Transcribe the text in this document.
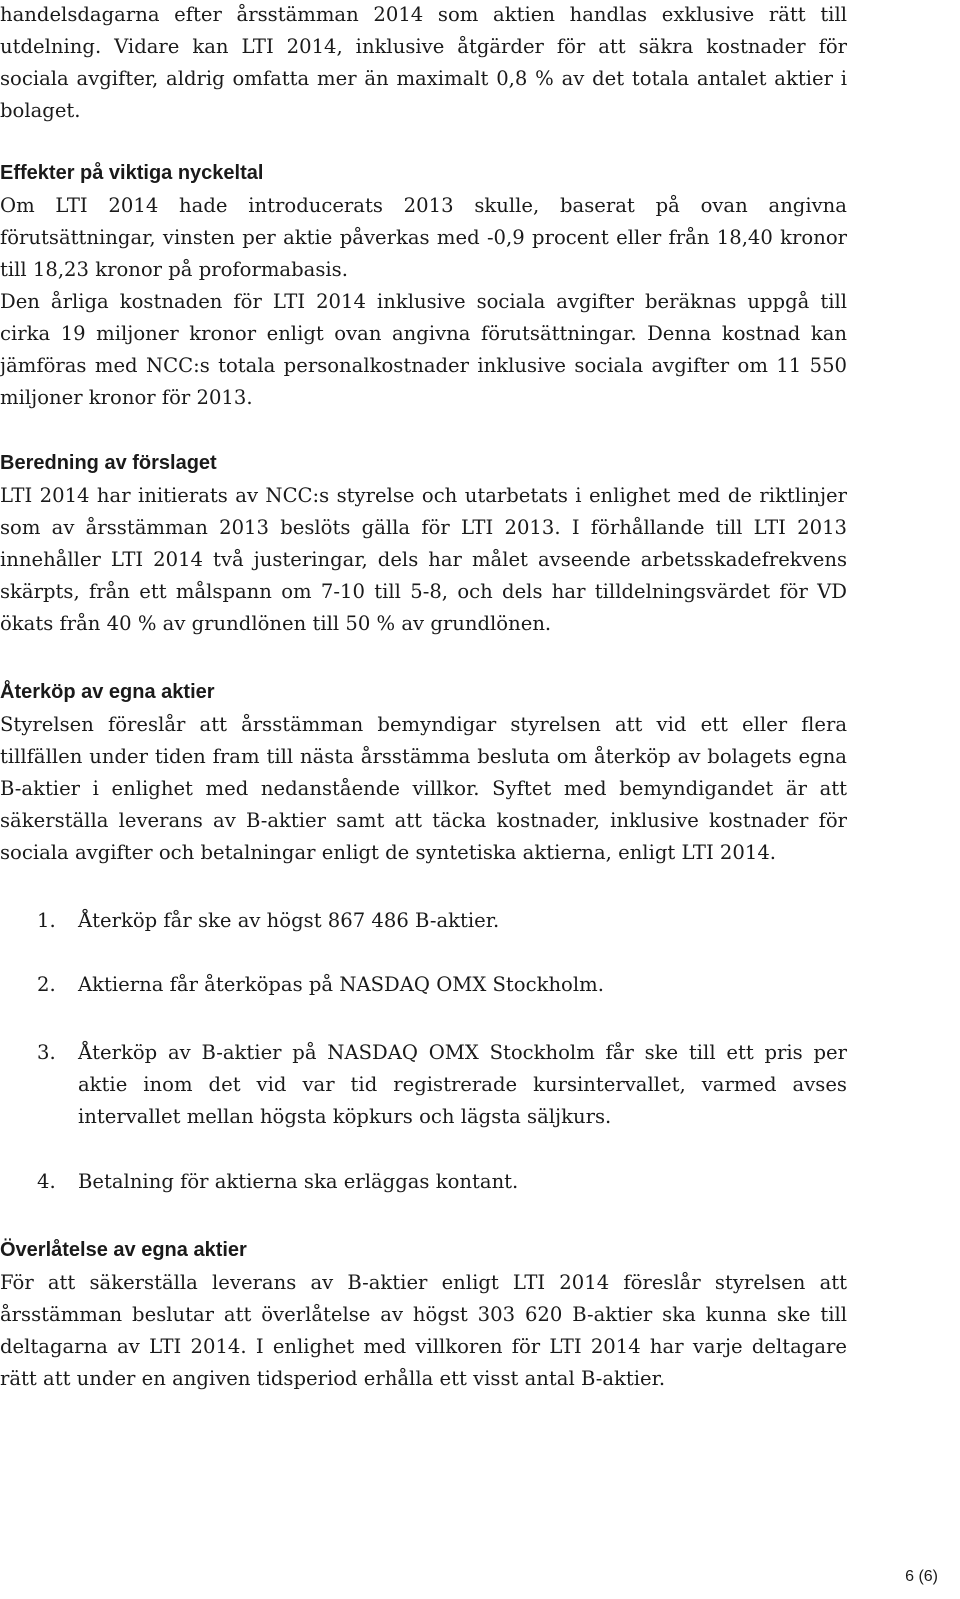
handelsdagarna efter årsstämman 2014 som aktien handlas exklusive rätt till utdelning. Vidare kan LTI 2014, inklusive åtgärder för att säkra kostnader för sociala avgifter, aldrig omfatta mer än maximalt 0,8 % av det totala antalet aktier i bolaget.

Effekter på viktiga nyckeltal

Om LTI 2014 hade introducerats 2013 skulle, baserat på ovan angivna förutsättningar, vinsten per aktie påverkas med -0,9 procent eller från 18,40 kronor till 18,23 kronor på proformabasis.

Den årliga kostnaden för LTI 2014 inklusive sociala avgifter beräknas uppgå till cirka 19 miljoner kronor enligt ovan angivna förutsättningar. Denna kostnad kan jämföras med NCC:s totala personalkostnader inklusive sociala avgifter om 11 550 miljoner kronor för 2013.

Beredning av förslaget

LTI 2014 har initierats av NCC:s styrelse och utarbetats i enlighet med de riktlinjer som av årsstämman 2013 beslöts gälla för LTI 2013. I förhållande till LTI 2013 innehåller LTI 2014 två justeringar, dels har målet avseende arbetsskadefrekvens skärpts, från ett målspann om 7-10 till 5-8, och dels har tilldelningsvärdet för VD ökats från 40 % av grundlönen till 50 % av grundlönen.

Återköp av egna aktier

Styrelsen föreslår att årsstämman bemyndigar styrelsen att vid ett eller flera tillfällen under tiden fram till nästa årsstämma besluta om återköp av bolagets egna B-aktier i enlighet med nedanstående villkor. Syftet med bemyndigandet är att säkerställa leverans av B-aktier samt att täcka kostnader, inklusive kostnader för sociala avgifter och betalningar enligt de syntetiska aktierna, enligt LTI 2014.

1. Återköp får ske av högst 867 486 B-aktier.

2. Aktierna får återköpas på NASDAQ OMX Stockholm.

3. Återköp av B-aktier på NASDAQ OMX Stockholm får ske till ett pris per aktie inom det vid var tid registrerade kursintervallet, varmed avses intervallet mellan högsta köpkurs och lägsta säljkurs.

4. Betalning för aktierna ska erläggas kontant.

Överlåtelse av egna aktier

För att säkerställa leverans av B-aktier enligt LTI 2014 föreslår styrelsen att årsstämman beslutar att överlåtelse av högst 303 620 B-aktier ska kunna ske till deltagarna av LTI 2014. I enlighet med villkoren för LTI 2014 har varje deltagare rätt att under en angiven tidsperiod erhålla ett visst antal B-aktier.

6 (6)
